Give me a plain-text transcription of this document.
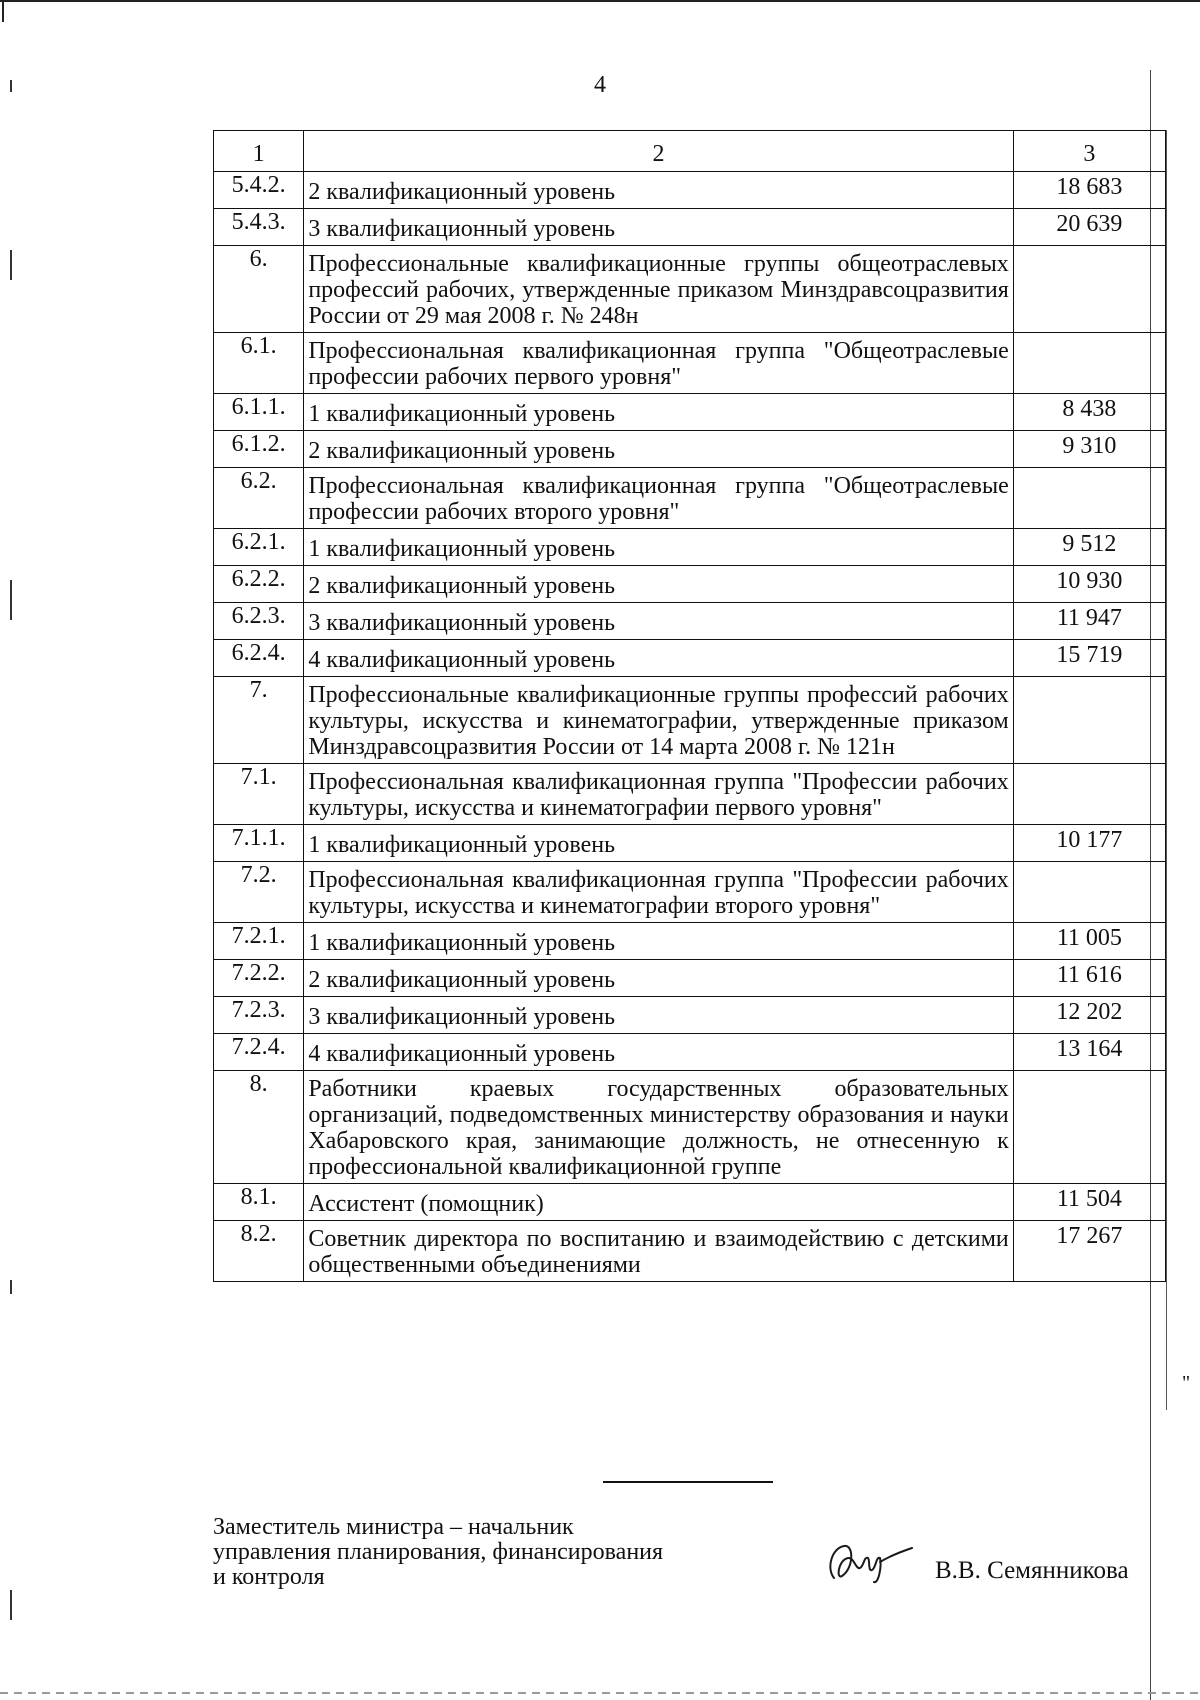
4
1	2	3
5.4.2.	2 квалификационный уровень	18 683

5.4.3.	3 квалификационный уровень	20 639

6.	Профессиональные квалификационные группы общеотраслевых профессий рабочих, утвержденные приказом Минздравсоцразвития России от 29 мая 2008 г. № 248н	

6.1.	Профессиональная квалификационная группа "Общеотраслевые профессии рабочих первого уровня"	

6.1.1.	1 квалификационный уровень	8 438

6.1.2.	2 квалификационный уровень	9 310

6.2.	Профессиональная квалификационная группа "Общеотраслевые профессии рабочих второго уровня"	

6.2.1.	1 квалификационный уровень	9 512

6.2.2.	2 квалификационный уровень	10 930

6.2.3.	3 квалификационный уровень	11 947

6.2.4.	4 квалификационный уровень	15 719

7.	Профессиональные квалификационные группы профессий рабочих культуры, искусства и кинематографии, утвержденные приказом Минздравсоцразвития России от 14 марта 2008 г. № 121н	

7.1.	Профессиональная квалификационная группа "Профессии рабочих культуры, искусства и кинематографии первого уровня"	

7.1.1.	1 квалификационный уровень	10 177

7.2.	Профессиональная квалификационная группа "Профессии рабочих культуры, искусства и кинематографии второго уровня"	

7.2.1.	1 квалификационный уровень	11 005

7.2.2.	2 квалификационный уровень	11 616

7.2.3.	3 квалификационный уровень	12 202

7.2.4.	4 квалификационный уровень	13 164

8.	Работники краевых государственных образовательных организаций, подведомственных министерству образования и науки Хабаровского края, занимающие должность, не отнесенную к профессиональной квалификационной группе	

8.1.	Ассистент (помощник)	11 504

8.2.	Советник директора по воспитанию и взаимодействию с детскими общественными объединениями	17 267
"
Заместитель министра – начальник
управления планирования, финансирования
и контроля	В.В. Семянникова
